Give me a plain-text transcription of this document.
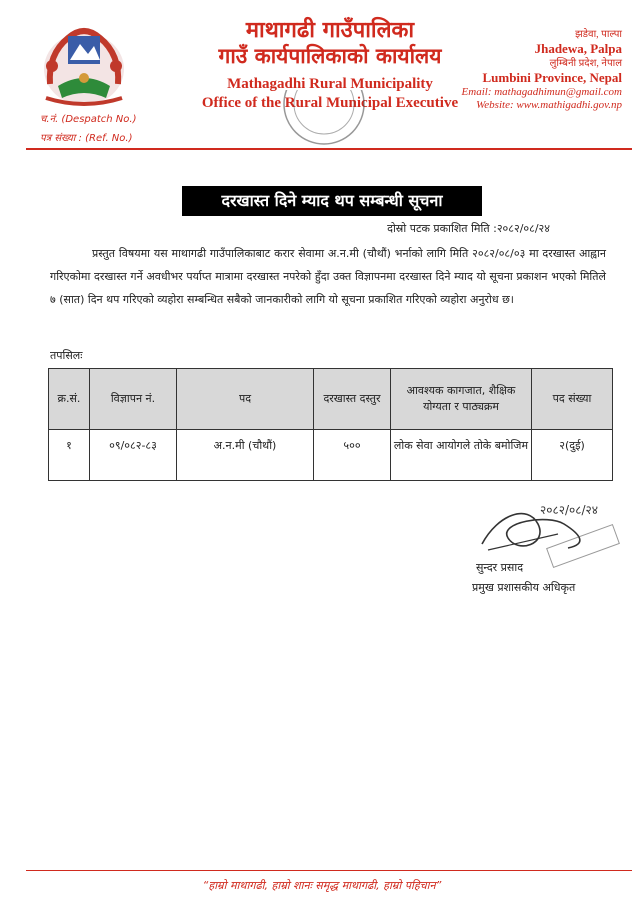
माथागढी गाउँपालिका
गाउँ कार्यपालिकाको कार्यालय
Mathagadhi Rural Municipality
Office of the Rural Municipal Executive
झडेवा, पाल्पा
Jhadewa, Palpa
लुम्बिनी प्रदेश, नेपाल
Lumbini Province, Nepal
Email: mathagadhimun@gmail.com
Website: www.mathigadhi.gov.np
च.नं. (Despatch No.)
पत्र संख्या : (Ref. No.)
दरखास्त दिने म्याद थप सम्बन्धी सूचना
दोस्रो पटक प्रकाशित मिति :२०८२/०८/२४
प्रस्तुत विषयमा यस माथागढी गाउँपालिकाबाट करार सेवामा अ.न.मी (चौथौं) भर्नाको लागि मिति २०८२/०८/०३ मा दरखास्त आह्वान गरिएकोमा दरखास्त गर्ने अवधीभर पर्याप्त मात्रामा दरखास्त नपरेको हुँदा उक्त विज्ञापनमा दरखास्त दिने म्याद यो सूचना प्रकाशन भएको मितिले ७ (सात) दिन थप गरिएको व्यहोरा सम्बन्धित सबैको जानकारीको लागि यो सूचना प्रकाशित गरिएको व्यहोरा अनुरोध छ।
तपसिलः
क्र.सं.	विज्ञापन नं.	पद	दरखास्त दस्तुर	आवश्यक कागजात, शैक्षिक योग्यता र पाठ्यक्रम	पद संख्या
१	०९/०८२-८३	अ.न.मी (चौथौं)	५००	लोक सेवा आयोगले तोके बमोजिम	२(दुई)
२०८२/०८/२४
सुन्दर प्रसाद
प्रमुख प्रशासकीय अधिकृत
“हाम्रो माथागढी, हाम्रो शानः समृद्ध माथागढी, हाम्रो पहिचान”
